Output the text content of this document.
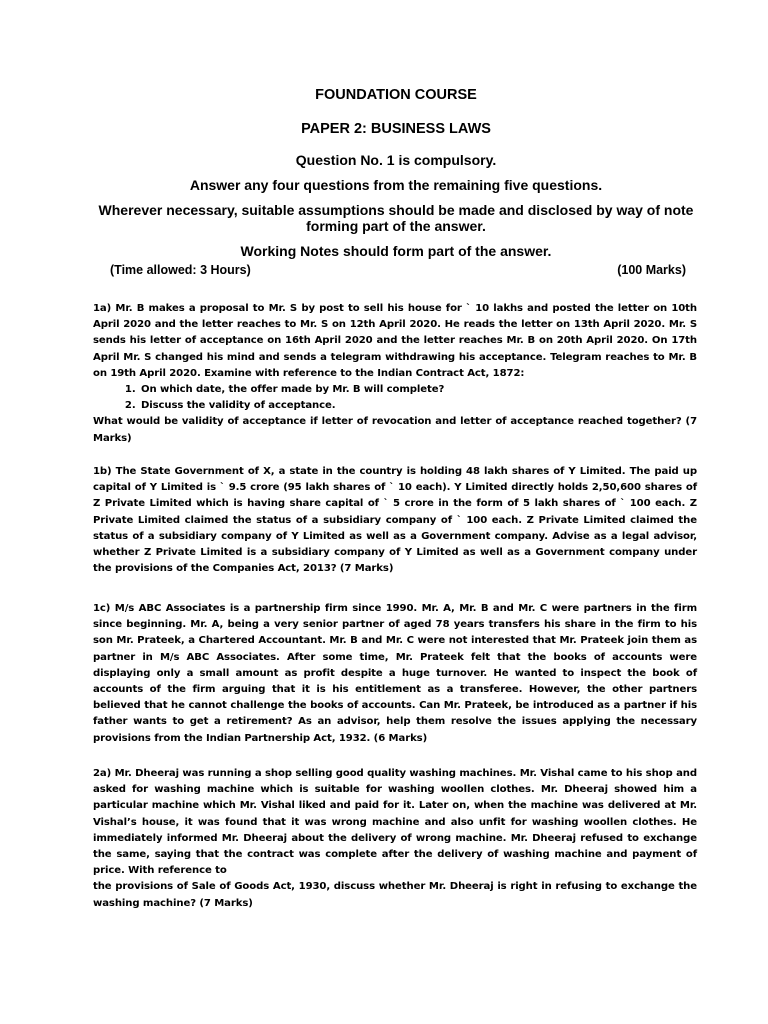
FOUNDATION COURSE

PAPER 2: BUSINESS LAWS

Question No. 1 is compulsory.

Answer any four questions from the remaining five questions.

Wherever necessary, suitable assumptions should be made and disclosed by way of note forming part of the answer.

Working Notes should form part of the answer.

(Time allowed: 3 Hours)	(100 Marks)

1a) Mr. B makes a proposal to Mr. S by post to sell his house for ` 10 lakhs and posted the letter on 10th April 2020 and the letter reaches to Mr. S on 12th April 2020. He reads the letter on 13th April 2020. Mr. S sends his letter of acceptance on 16th April 2020 and the letter reaches Mr. B on 20th April 2020. On 17th April Mr. S changed his mind and sends a telegram withdrawing his acceptance. Telegram reaches to Mr. B on 19th April 2020. Examine with reference to the Indian Contract Act, 1872:

1. On which date, the offer made by Mr. B will complete?
2. Discuss the validity of acceptance.

What would be validity of acceptance if letter of revocation and letter of acceptance reached together? (7 Marks)

1b) The State Government of X, a state in the country is holding 48 lakh shares of Y Limited. The paid up capital of Y Limited is ` 9.5 crore (95 lakh shares of ` 10 each). Y Limited directly holds 2,50,600 shares of Z Private Limited which is having share capital of ` 5 crore in the form of 5 lakh shares of ` 100 each. Z Private Limited claimed the status of a subsidiary company of ` 100 each. Z Private Limited claimed the status of a subsidiary company of Y Limited as well as a Government company. Advise as a legal advisor, whether Z Private Limited is a subsidiary company of Y Limited as well as a Government company under the provisions of the Companies Act, 2013? (7 Marks)

1c) M/s ABC Associates is a partnership firm since 1990. Mr. A, Mr. B and Mr. C were partners in the firm since beginning. Mr. A, being a very senior partner of aged 78 years transfers his share in the firm to his son Mr. Prateek, a Chartered Accountant. Mr. B and Mr. C were not interested that Mr. Prateek join them as partner in M/s ABC Associates. After some time, Mr. Prateek felt that the books of accounts were displaying only a small amount as profit despite a huge turnover. He wanted to inspect the book of accounts of the firm arguing that it is his entitlement as a transferee. However, the other partners believed that he cannot challenge the books of accounts. Can Mr. Prateek, be introduced as a partner if his father wants to get a retirement? As an advisor, help them resolve the issues applying the necessary provisions from the Indian Partnership Act, 1932. (6 Marks)

2a) Mr. Dheeraj was running a shop selling good quality washing machines. Mr. Vishal came to his shop and asked for washing machine which is suitable for washing woollen clothes. Mr. Dheeraj showed him a particular machine which Mr. Vishal liked and paid for it. Later on, when the machine was delivered at Mr. Vishal’s house, it was found that it was wrong machine and also unfit for washing woollen clothes. He immediately informed Mr. Dheeraj about the delivery of wrong machine. Mr. Dheeraj refused to exchange the same, saying that the contract was complete after the delivery of washing machine and payment of price. With reference to

the provisions of Sale of Goods Act, 1930, discuss whether Mr. Dheeraj is right in refusing to exchange the washing machine? (7 Marks)
